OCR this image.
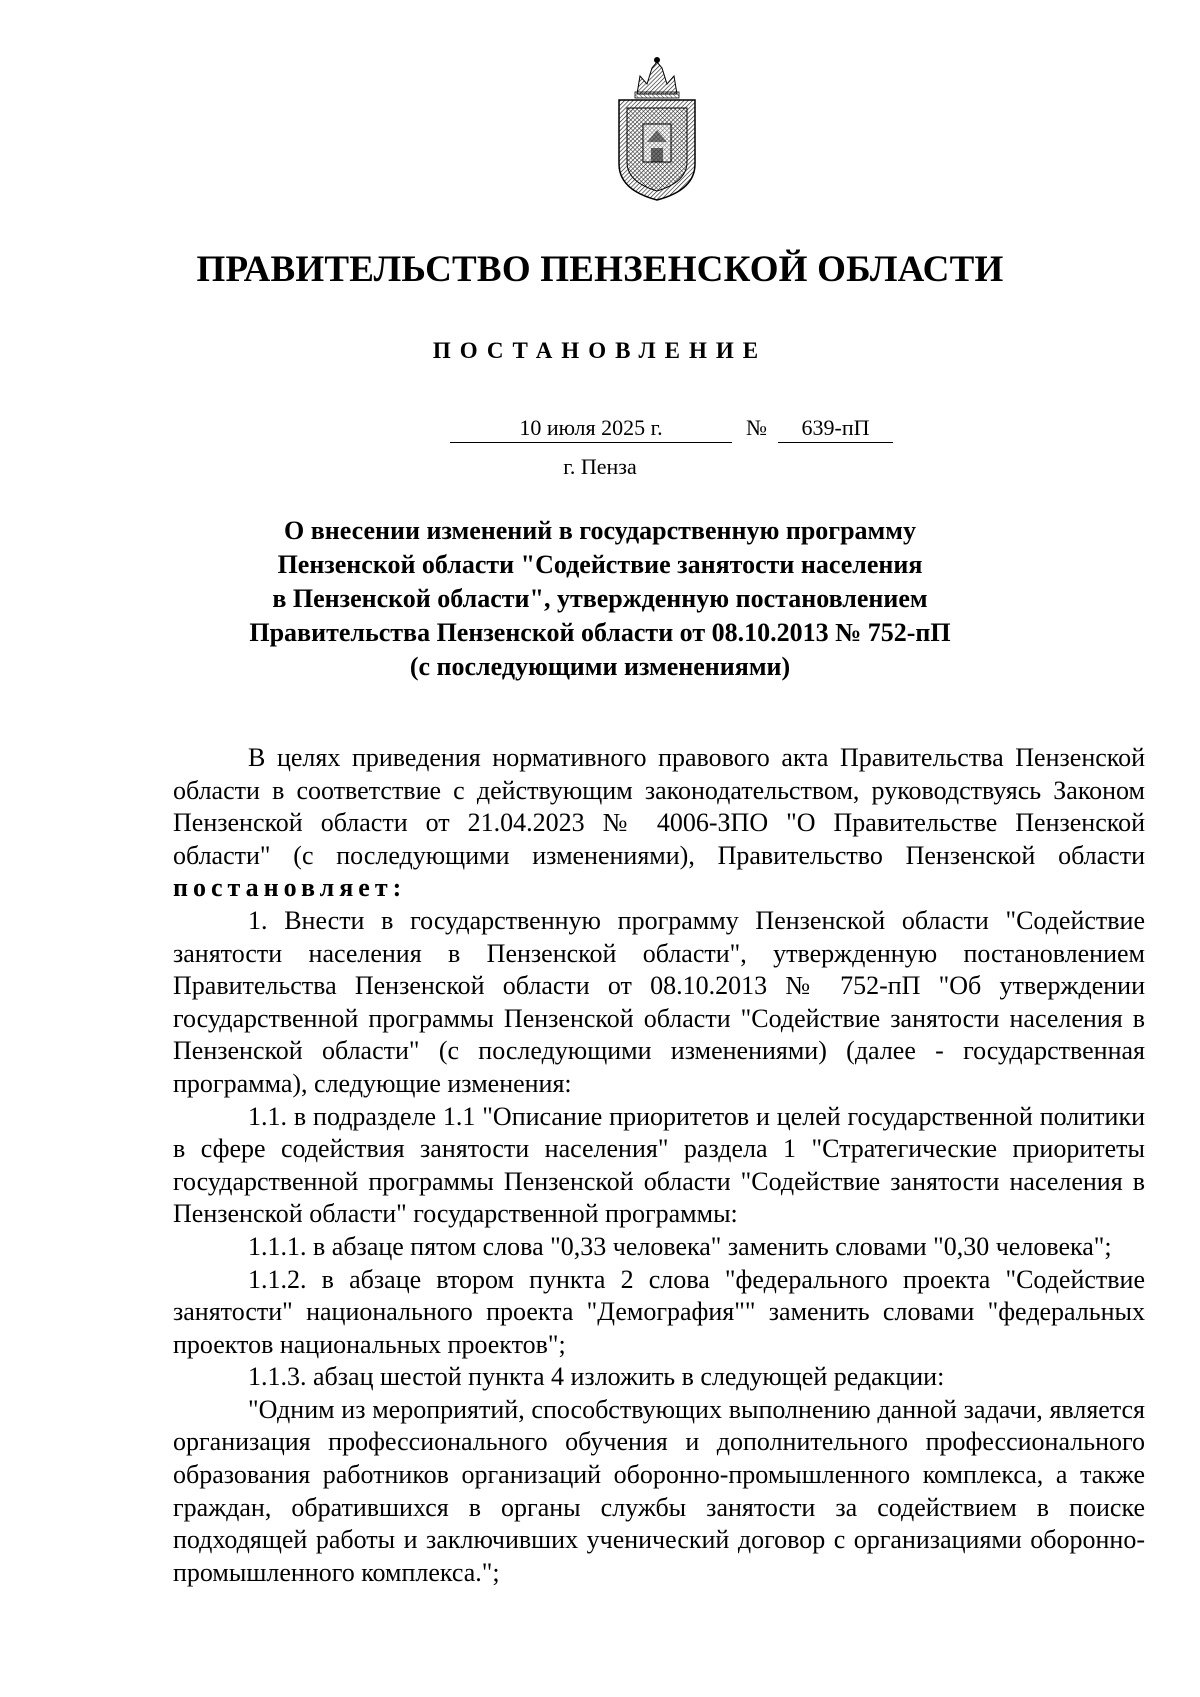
ПРАВИТЕЛЬСТВО ПЕНЗЕНСКОЙ ОБЛАСТИ
ПОСТАНОВЛЕНИЕ
10 июля 2025 г.	№	639-пП
г. Пенза
О внесении изменений в государственную программу
Пензенской области "Содействие занятости населения
в Пензенской области", утвержденную постановлением
Правительства Пензенской области от 08.10.2013 № 752-пП
(с последующими изменениями)

В целях приведения нормативного правового акта Правительства Пензенской области в соответствие с действующим законодательством, руководствуясь Законом Пензенской области от 21.04.2023 № 4006-ЗПО "О Правительстве Пензенской области" (с последующими изменениями), Правительство Пензенской области постановляет:

1. Внести в государственную программу Пензенской области "Содействие занятости населения в Пензенской области", утвержденную постановлением Правительства Пензенской области от 08.10.2013 № 752-пП "Об утверждении государственной программы Пензенской области "Содействие занятости населения в Пензенской области" (с последующими изменениями) (далее - государственная программа), следующие изменения:

1.1. в подразделе 1.1 "Описание приоритетов и целей государственной политики в сфере содействия занятости населения" раздела 1 "Стратегические приоритеты государственной программы Пензенской области "Содействие занятости населения в Пензенской области" государственной программы:

1.1.1. в абзаце пятом слова "0,33 человека" заменить словами "0,30 человека";

1.1.2. в абзаце втором пункта 2 слова "федерального проекта "Содействие занятости" национального проекта "Демография"" заменить словами "федеральных проектов национальных проектов";

1.1.3. абзац шестой пункта 4 изложить в следующей редакции:

"Одним из мероприятий, способствующих выполнению данной задачи, является организация профессионального обучения и дополнительного профессионального образования работников организаций оборонно-промышленного комплекса, а также граждан, обратившихся в органы службы занятости за содействием в поиске подходящей работы и заключивших ученический договор с организациями оборонно-промышленного комплекса.";
